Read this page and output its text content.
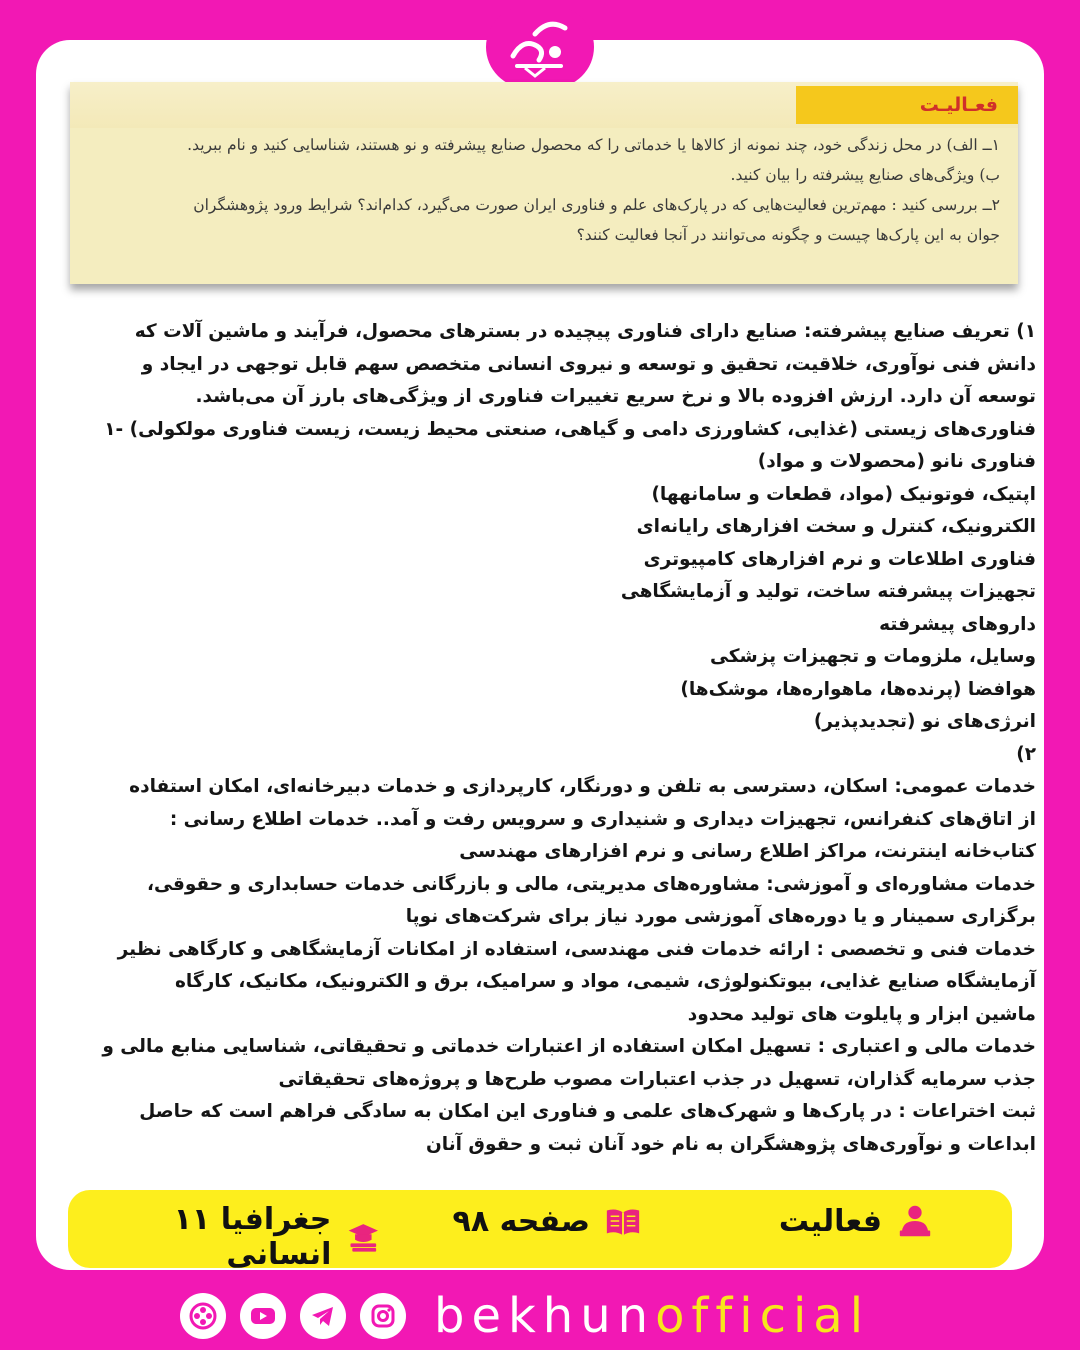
فعـالیـت
۱ــ الف) در محل زندگی خود، چند نمونه از کالاها یا خدماتی را که محصول صنایع پیشرفته و نو هستند، شناسایی کنید و نام ببرید.
ب) ویژگی‌های صنایع پیشرفته را بیان کنید.
۲ــ بررسی کنید : مهم‌ترین فعالیت‌هایی که در پارک‌های علم و فناوری ایران صورت می‌گیرد، کدام‌اند؟ شرایط ورود پژوهشگران
جوان به این پارک‌ها چیست و چگونه می‌توانند در آنجا فعالیت کنند؟
۱) تعریف صنایع پیشرفته: صنایع دارای فناوری پیچیده در بسترهای محصول، فرآیند و ماشین آلات که
دانش فنی نوآوری، خلاقیت، تحقیق و توسعه و نیروی انسانی متخصص سهم قابل توجهی در ایجاد و
توسعه آن دارد. ارزش افزوده بالا و نرخ سریع تغییرات فناوری از ویژگی‌های بارز آن می‌باشد.
فناوری‌های زیستی (غذایی، کشاورزی دامی و گیاهی، صنعتی محیط زیست، زیست فناوری مولکولی) -۱
فناوری نانو (محصولات و مواد)
اپتیک، فوتونیک (مواد، قطعات و سامانهها)
الکترونیک، کنترل و سخت افزارهای رایانه‌ای
فناوری اطلاعات و نرم افزارهای کامپیوتری
تجهیزات پیشرفته ساخت، تولید و آزمایشگاهی
داروهای پیشرفته
وسایل، ملزومات و تجهیزات پزشکی
هوافضا (پرنده‌ها، ماهواره‌ها، موشک‌ها)
انرژی‌های نو (تجدیدپذیر)
۲)
خدمات عمومی: اسکان، دسترسی به تلفن و دورنگار، کارپردازی و خدمات دبیرخانه‌ای، امکان استفاده
از اتاق‌های کنفرانس، تجهیزات دیداری و شنیداری و سرویس رفت و آمد.. خدمات اطلاع رسانی :
کتاب‌خانه اینترنت، مراکز اطلاع رسانی و نرم افزارهای مهندسی
خدمات مشاوره‌ای و آموزشی: مشاوره‌های مدیریتی، مالی و بازرگانی خدمات حسابداری و حقوقی،
برگزاری سمینار و یا دوره‌های آموزشی مورد نیاز برای شرکت‌های نوپا
خدمات فنی و تخصصی : ارائه خدمات فنی مهندسی، استفاده از امکانات آزمایشگاهی و کارگاهی نظیر
آزمایشگاه صنایع غذایی، بیوتکنولوژی، شیمی، مواد و سرامیک، برق و الکترونیک، مکانیک، کارگاه
ماشین ابزار و پایلوت های تولید محدود
خدمات مالی و اعتباری : تسهیل امکان استفاده از اعتبارات خدماتی و تحقیقاتی، شناسایی منابع مالی و
جذب سرمایه گذاران، تسهیل در جذب اعتبارات مصوب طرح‌ها و پروژه‌های تحقیقاتی
ثبت اختراعات : در پارک‌ها و شهرک‌های علمی و فناوری این امکان به سادگی فراهم است که حاصل
ابداعات و نوآوری‌های پژوهشگران به نام خود آنان ثبت و حقوق آنان
فعالیت
صفحه ۹۸
جغرافیا ۱۱ انسانی
bekhunofficial
